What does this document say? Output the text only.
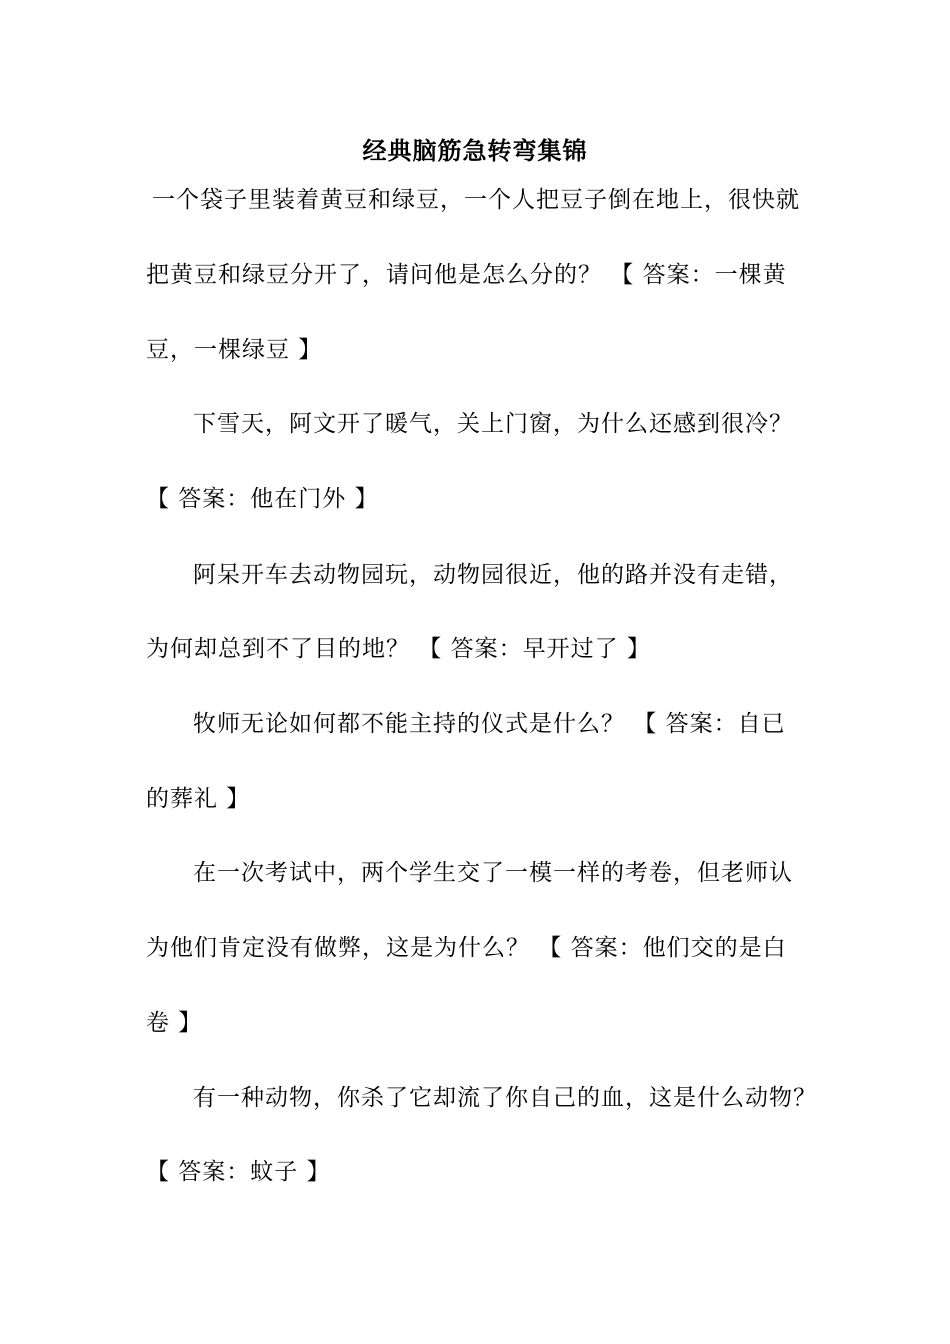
经典脑筋急转弯集锦
一个袋子里装着黄豆和绿豆，一个人把豆子倒在地上，很快就
把黄豆和绿豆分开了，请问他是怎么分的？ 【 答案：一棵黄
豆，一棵绿豆 】
下雪天，阿文开了暖气，关上门窗，为什么还感到很冷？
【 答案：他在门外 】
阿呆开车去动物园玩，动物园很近，他的路并没有走错，
为何却总到不了目的地？ 【 答案：早开过了 】
牧师无论如何都不能主持的仪式是什么？ 【 答案：自已
的葬礼 】
在一次考试中，两个学生交了一模一样的考卷，但老师认
为他们肯定没有做弊，这是为什么？ 【 答案：他们交的是白
卷 】
有一种动物，你杀了它却流了你自己的血，这是什么动物？
【 答案：蚊子 】
